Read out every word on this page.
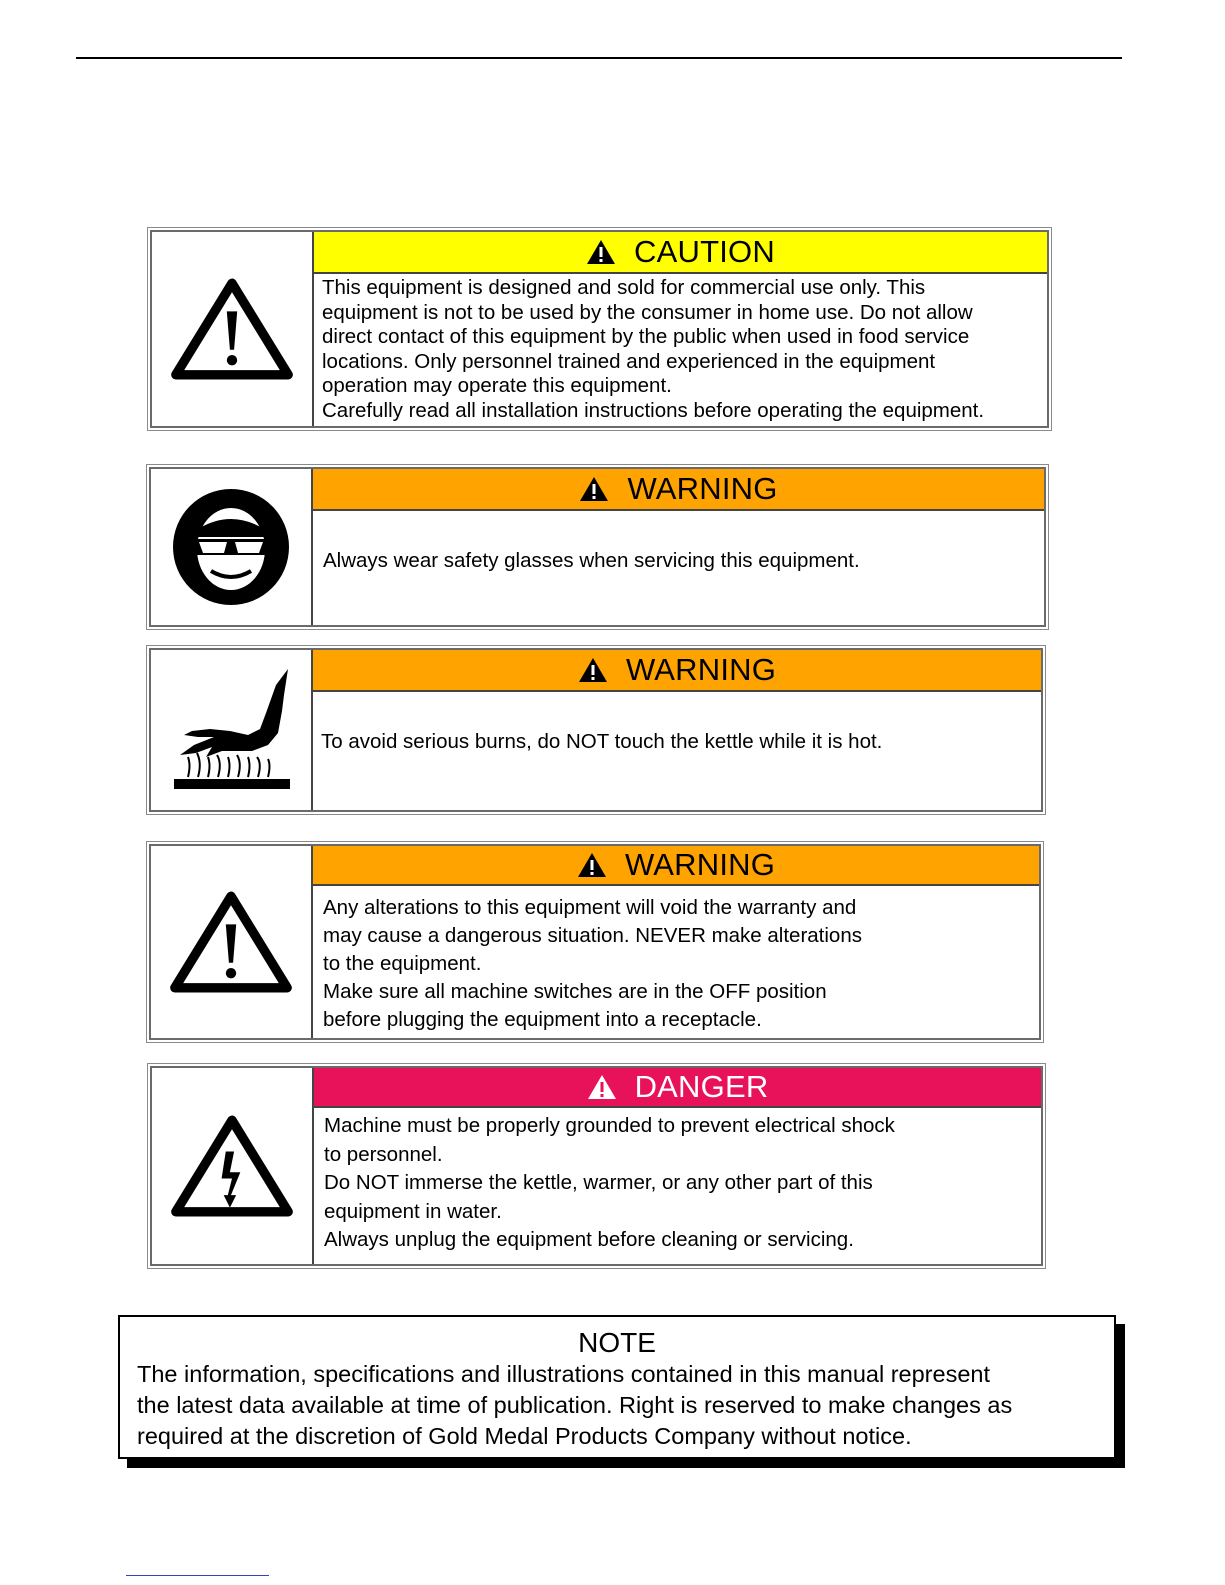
CAUTION
This equipment is designed and sold for commercial use only. This
equipment is not to be used by the consumer in home use. Do not allow
direct contact of this equipment by the public when used in food service
locations. Only personnel trained and experienced in the equipment
operation may operate this equipment.
Carefully read all installation instructions before operating the equipment.
WARNING
Always wear safety glasses when servicing this equipment.
WARNING
To avoid serious burns, do NOT touch the kettle while it is hot.
WARNING
Any alterations to this equipment will void the warranty and
may cause a dangerous situation. NEVER make alterations
to the equipment.
Make sure all machine switches are in the OFF position
before plugging the equipment into a receptacle.
DANGER
Machine must be properly grounded to prevent electrical shock
to personnel.
Do NOT immerse the kettle, warmer, or any other part of this
equipment in water.
Always unplug the equipment before cleaning or servicing.
NOTE
The information, specifications and illustrations contained in this manual represent
the latest data available at time of publication. Right is reserved to make changes as
required at the discretion of Gold Medal Products Company without notice.
